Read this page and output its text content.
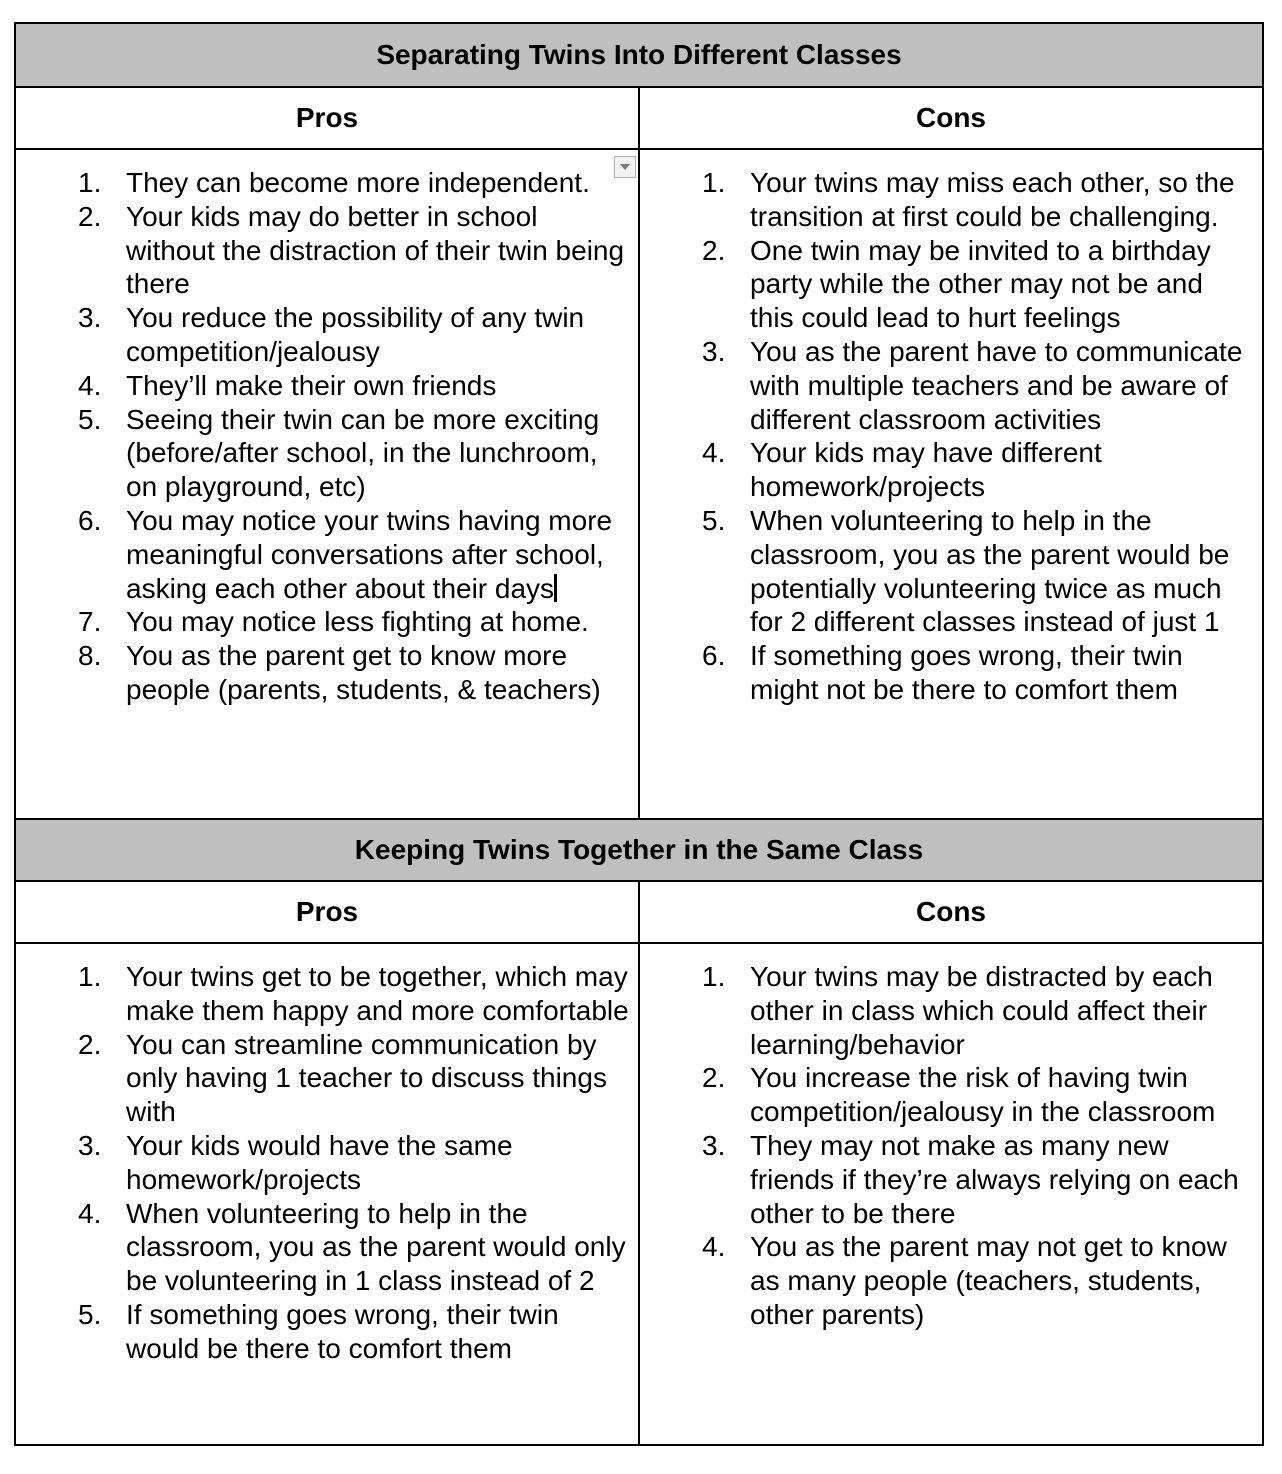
Separating Twins Into Different Classes
Pros	Cons
1. They can become more independent.
2. Your kids may do better in school without the distraction of their twin being there
3. You reduce the possibility of any twin competition/jealousy
4. They’ll make their own friends
5. Seeing their twin can be more exciting (before/after school, in the lunchroom, on playground, etc)
6. You may notice your twins having more meaningful conversations after school, asking each other about their days
7. You may notice less fighting at home.
8. You as the parent get to know more people (parents, students, & teachers)
1. Your twins may miss each other, so the transition at first could be challenging.
2. One twin may be invited to a birthday party while the other may not be and this could lead to hurt feelings
3. You as the parent have to communicate with multiple teachers and be aware of different classroom activities
4. Your kids may have different homework/projects
5. When volunteering to help in the classroom, you as the parent would be potentially volunteering twice as much for 2 different classes instead of just 1
6. If something goes wrong, their twin might not be there to comfort them
Keeping Twins Together in the Same Class
Pros	Cons
1. Your twins get to be together, which may make them happy and more comfortable
2. You can streamline communication by only having 1 teacher to discuss things with
3. Your kids would have the same homework/projects
4. When volunteering to help in the classroom, you as the parent would only be volunteering in 1 class instead of 2
5. If something goes wrong, their twin would be there to comfort them
1. Your twins may be distracted by each other in class which could affect their learning/behavior
2. You increase the risk of having twin competition/jealousy in the classroom
3. They may not make as many new friends if they’re always relying on each other to be there
4. You as the parent may not get to know as many people (teachers, students, other parents)
